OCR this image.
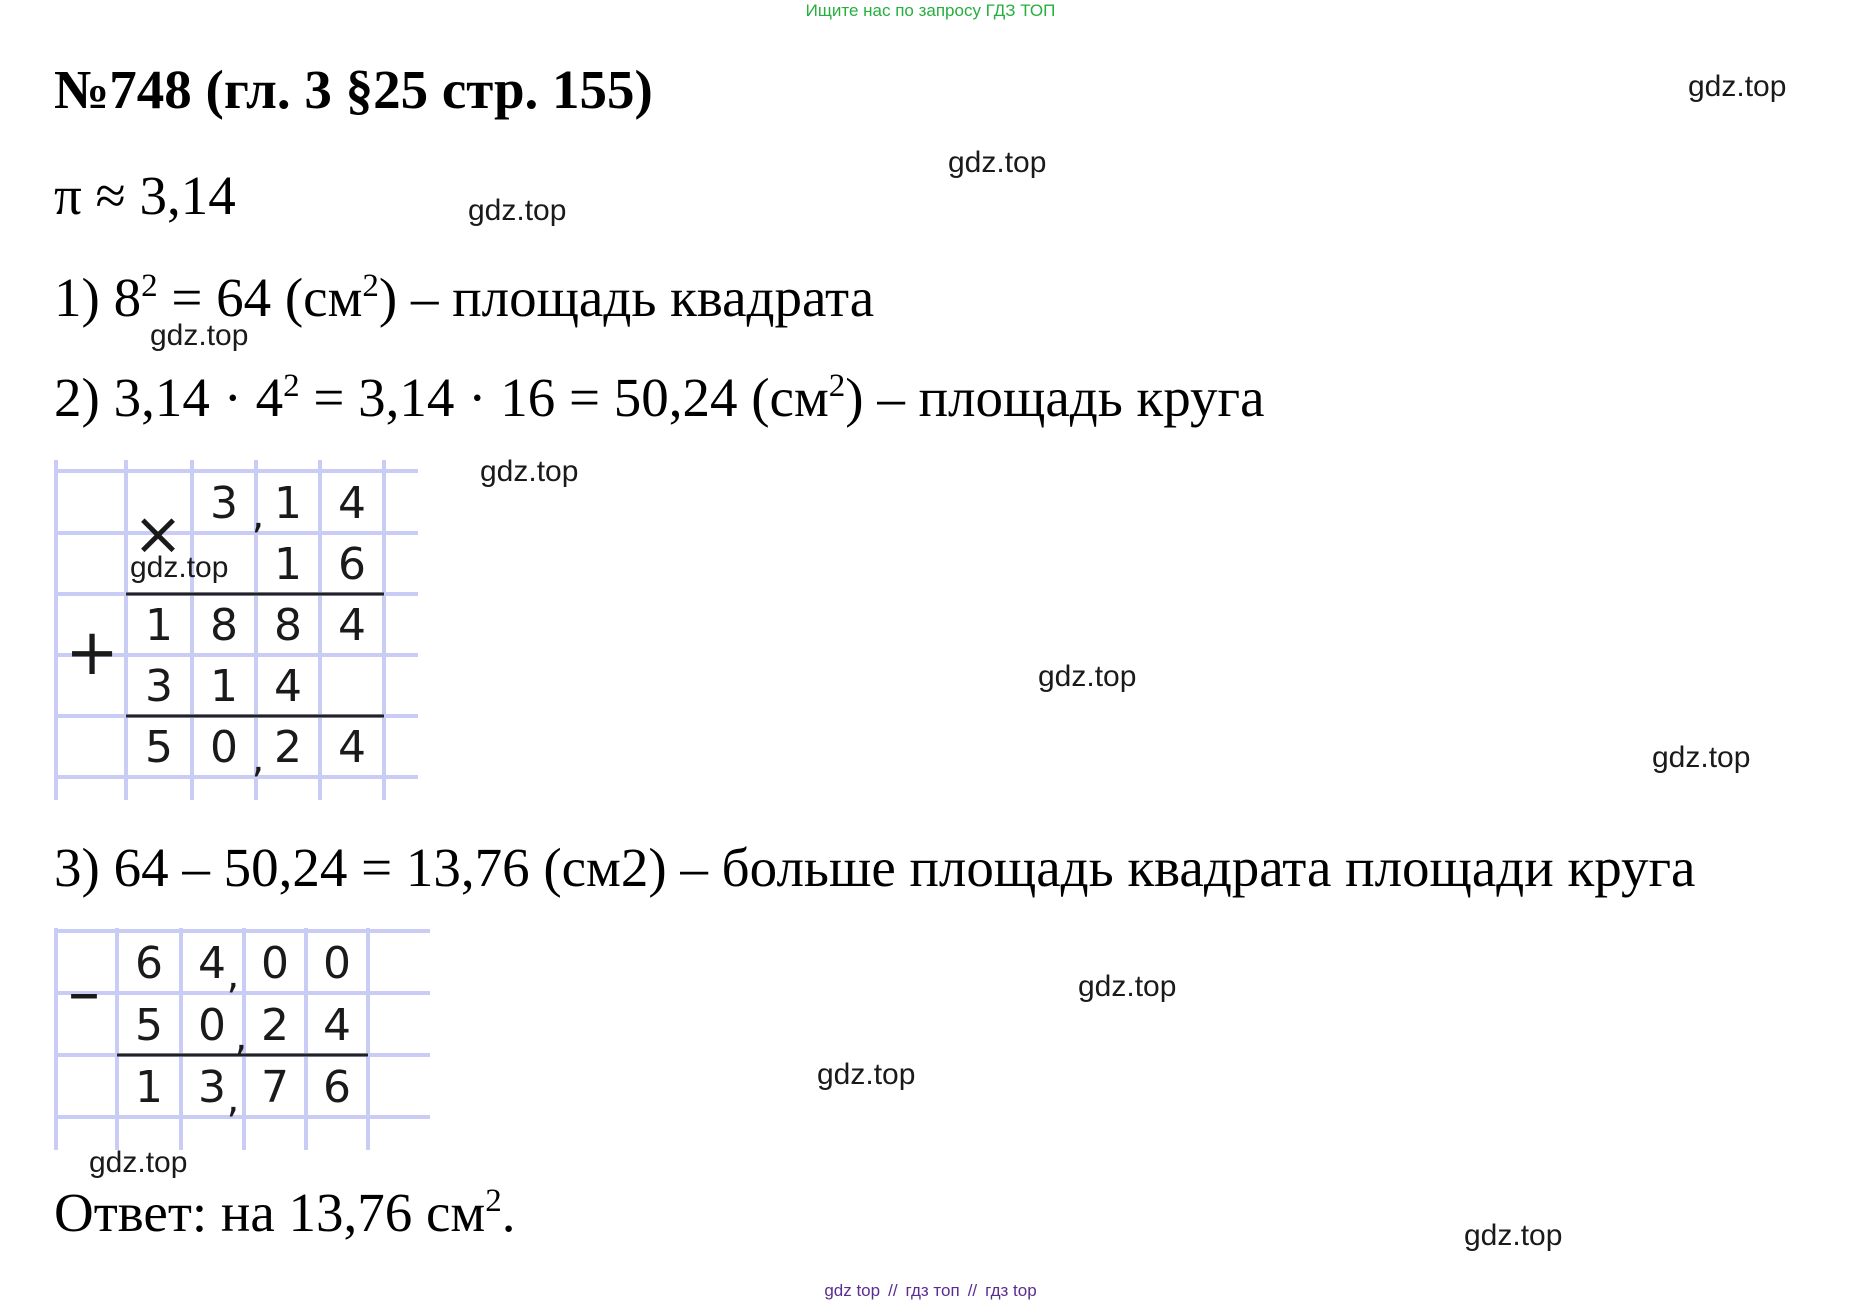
Ищите нас по запросу ГДЗ ТОП
№748 (гл. 3 §25 стр. 155)
π ≈ 3,14
1) $8^2 = 64$ $(см^2)$ – площадь квадрата
2) $3,14 \cdot 4^2 = 3,14 \cdot 16 = 50,24$ $(см^2)$ – площадь круга
3 1 4
1 6
1 8 8 4
3 1 4
5 0 2 4
,
,
×
+
3) 64 – 50,24 = 13,76 (см2) – больше площадь квадрата площади круга
6 4 0 0
5 0 2 4
1 3 7 6
,
,
,
–
Ответ: на 13,76 $см^2$.
gdz.top
gdz.top
gdz.top
gdz.top
gdz.top
gdz.top
gdz.top
gdz.top
gdz.top
gdz.top
gdz.top
gdz.top
gdz top // гдз топ // гдз top
